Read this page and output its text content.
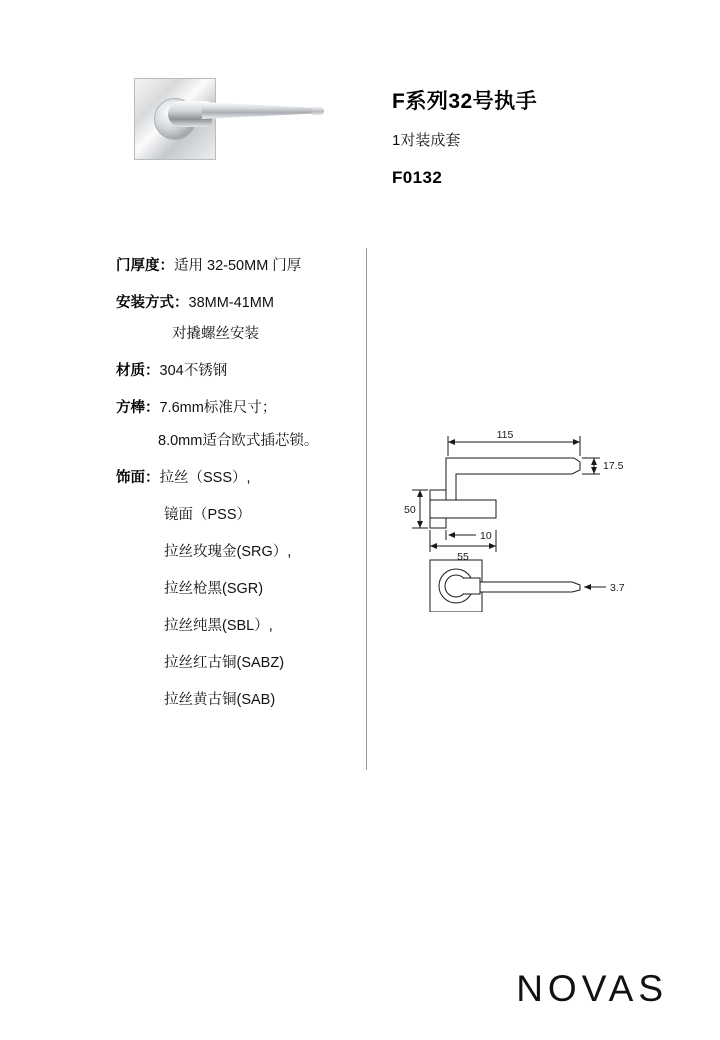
F系列32号执手
1对装成套
F0132
门厚度：适用 32-50MM 门厚
安装方式：38MM-41MM
对撬螺丝安装
材质：304不锈钢
方棒：7.6mm标准尺寸；
8.0mm适合欧式插芯锁。
饰面：拉丝（SSS）,
镜面（PSS）
拉丝玫瑰金(SRG）,
拉丝枪黑(SGR)
拉丝纯黑(SBL）,
拉丝红古铜(SABZ)
拉丝黄古铜(SAB)
115
17.5
50
10
55
3.7
NOVAS
